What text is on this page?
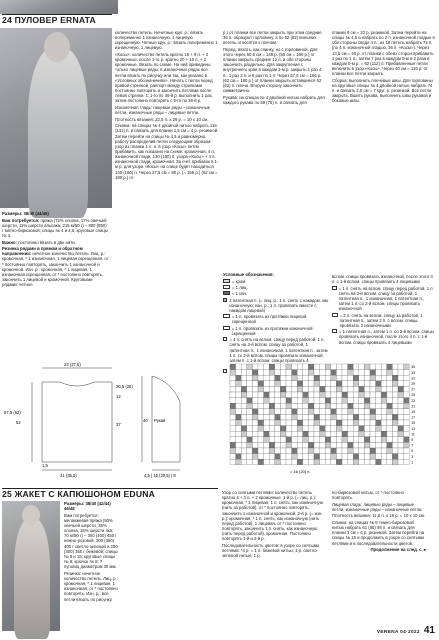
24 ПУЛОВЕР ERNATA

Размеры: 38/40 (44/46)

Вам потребуется: пряжа (72% хлопка, 17% овечьей шерсти, 11% шерсти альпака; 215 м/50 г) – 800 (850) г мятно-бирюзовой; спицы № 4 и 4,5; круговые спицы № 4.

Важно: постоянно вязать в две нити.

Резинка рядами в прямом и обратном направлении: нечетное количество петель. Лиц. р.: кромочная, * 1 изнаночная, 1 лицевая скрещенная, от * постоянно повторять, закончить 1 изнаночной и кромочной. Изн. р.: кромочная, * 1 лицевая, 1 изнаночная скрещенная, от * постоянно повторять, закончить 1 лицевой и кромочной. Круговыми рядами: четное

количество петель. Нечетные круг. р.: вязать попеременно 1 изнаночную, 1 лицевую скрещенную. Четные круг. р.: вязать попеременно 1 изнаночную, 1 лицевую.

«Косы»: количество петель кратно 16 + 9 п. + 2 кромочные, после 1-го р. кратно 20 + 10 п. + 2 кромочные. Вязать по схеме. На ней приведены только лицевые ряды; в изнаночных рядах все петли вязать по рисунку или так, как указано в «Условных обозначениях». Начать с петли перед правой стрелкой, раппорт между стрелками постоянно повторять и закончить петлями после левой стрелки. С 1-го по 36-й р. выполнить 1 раз, затем постоянно повторять с 5-го по 36-й р.

Изнаночная гладь: лицевые ряды – изнаночные петли, изнаночные ряды – лицевые петли.

Плотность вязания: 22,5 п. x 29 р. = 10 x 10 см.

Спинка: на спицах № 4 двойной нитью набрать 115 (131) п. и связать для планки 1,5 см = 4 р. резинкой. Затем перейти на спицы № 4,5 и равномерно, работу распределив петли следующим образом: узор из планки 1 л. п. в узор «Косы» петли прибавить, как показано на схеме: кромочная, 4 п. изнаночной глади, 130 (150) п. узора «Косы» + 4 п. изнаночной глади, кромочная. За счет прибавок в 1-м р. для узора «Косы» на спице будет находиться 140 (160) п. Через 27,5 см = 80 р. (= 166 р.) (62 см = 180 р.) от

р.) от планки все петли закрыть при этом средние 36 п. образуют горловину, а по 52 (62) внешних петель относятся к плечам.

Перед: вязать, как спинку, но с горловиной. Для этого через 50,5 см = 146 р. (55 см = 160 р.) от планки закрыть средние 12 п. и обе стороны закончить раздельно. Для закругления с внутреннего края в каждом 2-м р. закрыть 1 раз 4 п., 1 раз 2 п. и 6 раз по 1 п. Через 57,5 см = 166 р. (62 см = 180 р.) от планки закрыть оставшиеся 52 (62) п. плеча. Вторую сторону закончить симметрично.

Рукава: на спицах № 4 двойной нитью набрать для каждого рукава по 59 (75) п. и связать для

планки 8 см = 22 р. резинкой. Затем перейти на спицы № 4,5 и набрать по 2 п. изнаночной гладью в обе стороны сведя 4 п., из 16 петель набрать 72 п. (по 4 п. изнаночной гладью, 36 п. «Косы»). Через 13,5 см = 40 р. от планки с обеих сторон прибавить 1 раз по 1 п., затем 7 раз в каждом 8-м и 2 раза в каждом 6-м р. = 92 (112) п. Прибавленные петли включить в узор «Косы». Через 40 см = 116 р. от планки все петли закрыть.

Сборка: выполнить плечевые швы. Для горловины на круговые спицы № 4 двойной нитью набрать 74 п. и связать 2,5 см = 7 круг. р. резинкой. Все петли закрыть. Вшить рукава, выполнить швы рукавов и боковые швы.

Условные обозначения:

= кром.
= 1 лиц.
= 1 изн.
1 патентная п. (= лиц. р.: 1 п. снять с накидом, как изнаночную; изн. р.: 1 п. провязать вместе с накидом лицевой)
= 1 п. провязать из протяжки лицевой скрещенной
= 1 п. провязать из протяжки изнаночной скрещенной
= 4 п. снять на вспом. спицу перед работой, 1 п. снять на 2-й вспом. спицу за работой, 1 патентная п., 1 изнаночная, 1 патентная п., затем 1 п. со 2-й вспом. спицы провязать изнаночной, затем п. с 1-й вспом. спицы провязать 4

вспом. спицы провязать изнаночной, после этого 3 п. с 1-й вспом. спицы провязать 4 лицевыми

= 1 п. снять на вспом. спицу перед работой, 1 п. снять на 2-й вспом. спицу за работой, 1 патентная п., 1 изнаночная, 1 патентная п., затем 1 п. со 2-й вспом. спицы провязать изнаночной
= 2 п. снять на вспом. спицу за работой, 1 патентная п., затем 2 п. с вспом. спицы провязать 2 изнаночными
= 1 патентная п., затем 1 п. со 2-й вспом. спицы провязать изнаночной, после этого 4 п. с 1-й вспом. спицы провязать 4 лицевыми
23 (27,5)
52
57,5 (62)
37
20,5 (25)
12
31 (35,5)
1,5
Рукав
40
4,5 | 16 (20,5) | 8
35
33
31
29
27
25
23
21
19
17
15
13
11
9
7
5
3
1
= 16 (20) п.
25 ЖАКЕТ С КАПЮШОНОМ EDUNA

Размеры: 38/40 (42/44) 46/48

Вам потребуется: меланжевая пряжа (50% овечьей шерсти, 35% хлопка, 15% шерсти яка; 70 м/50 г) – 350 (400) 450 г нежно-розовой, 300 (350) 400 г светло-зеленой и 250 (300) 350 г бежевой; спицы № 8 и 15; круговые спицы № 8; крючок № 8; 7 пуговиц диаметром 30 мм.

Резинка: нечетное количество петель. Лиц. р.: кромочная, * 1 лицевая, 1 изнаночная, от * постоянно повторять. Изн. р.: все петли вязать по рисунку.

Узор со снятыми петлями: количество петель кратно 4 + 3 п. + 2 кромочные. 1-й р. (= лиц. р.): кромочная, * 1 лицевая, 1 п. снять, как изнаночную (нить за работой), от * постоянно повторять, закончить 1 изнаночной и кромочной. 2-й р. (= изн. р.): кромочная, * 1 п. снять, как изнаночную (нить перед работой), 1 лицевая, от * постоянно повторять, закончить 1 п. снять, как изнаночную (нить перед работой), кромочная. Постоянно повторять 1-й и 2-й р.

Последовательность цветов: в узоре со снятыми петлями: *4 р. = 1 п. бежевой нитью, 1 р. светло-зеленой нитью, 1 р.

но-бирюзовой нитью, от * постоянно повторять.

Лицевая гладь: лицевые ряды – лицевые петли, изнаночные ряды – изнаночные петли.

Плотность вязания: 11,5 п. x 18 р. = 10 x 10 см.

Спинка: на спицах № 8 темно-бирюзовой нитью набрать 61 (65) 69 п. и связать для планки 3 см = 6 р. резинкой. Затем перейти на спицы № 15 и продолжить в узоре со снятыми петлями и в последовательности цветов.

Продолжение на след. с. ▸

VERENA 04·2022 41
